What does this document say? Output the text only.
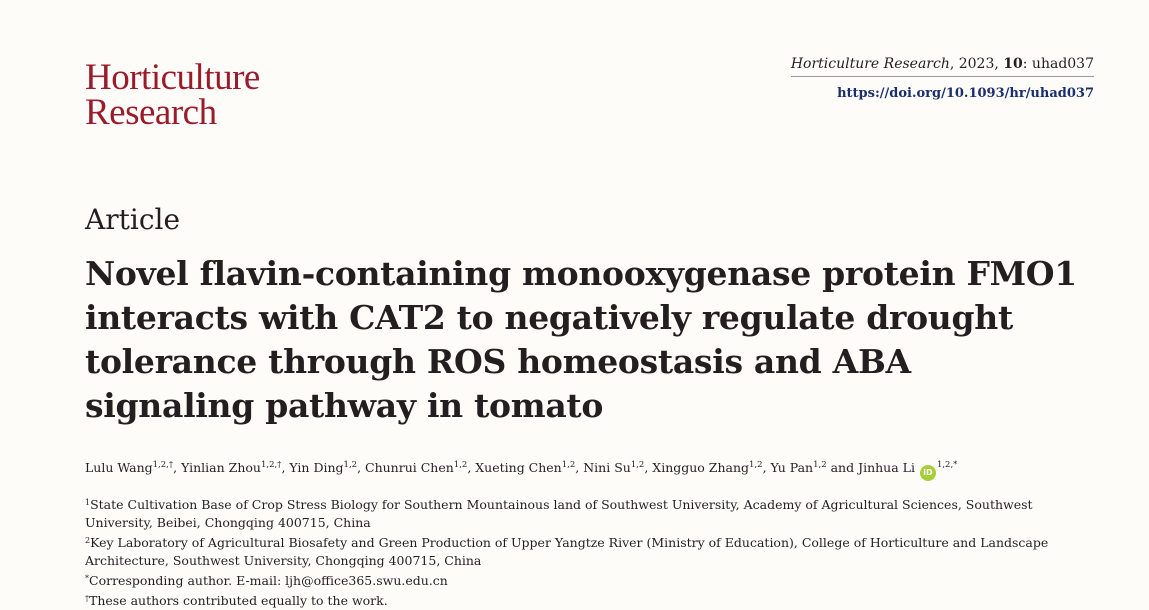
Horticulture
Research
Horticulture Research, 2023, 10: uhad037
https://doi.org/10.1093/hr/uhad037
Article
Novel flavin-containing monooxygenase protein FMO1 interacts with CAT2 to negatively regulate drought tolerance through ROS homeostasis and ABA signaling pathway in tomato
Lulu Wang$^{1,2,\dagger}$, Yinlian Zhou$^{1,2,\dagger}$, Yin Ding$^{1,2}$, Chunrui Chen$^{1,2}$, Xueting Chen$^{1,2}$, Nini Su$^{1,2}$, Xingguo Zhang$^{1,2}$, Yu Pan$^{1,2}$ and Jinhua Li $iD^{1,2,*}$

$^1$State Cultivation Base of Crop Stress Biology for Southern Mountainous land of Southwest University, Academy of Agricultural Sciences, Southwest University, Beibei, Chongqing 400715, China

$^2$Key Laboratory of Agricultural Biosafety and Green Production of Upper Yangtze River (Ministry of Education), College of Horticulture and Landscape Architecture, Southwest University, Chongqing 400715, China

*Corresponding author. E-mail: ljh@office365.swu.edu.cn

†These authors contributed equally to the work.
